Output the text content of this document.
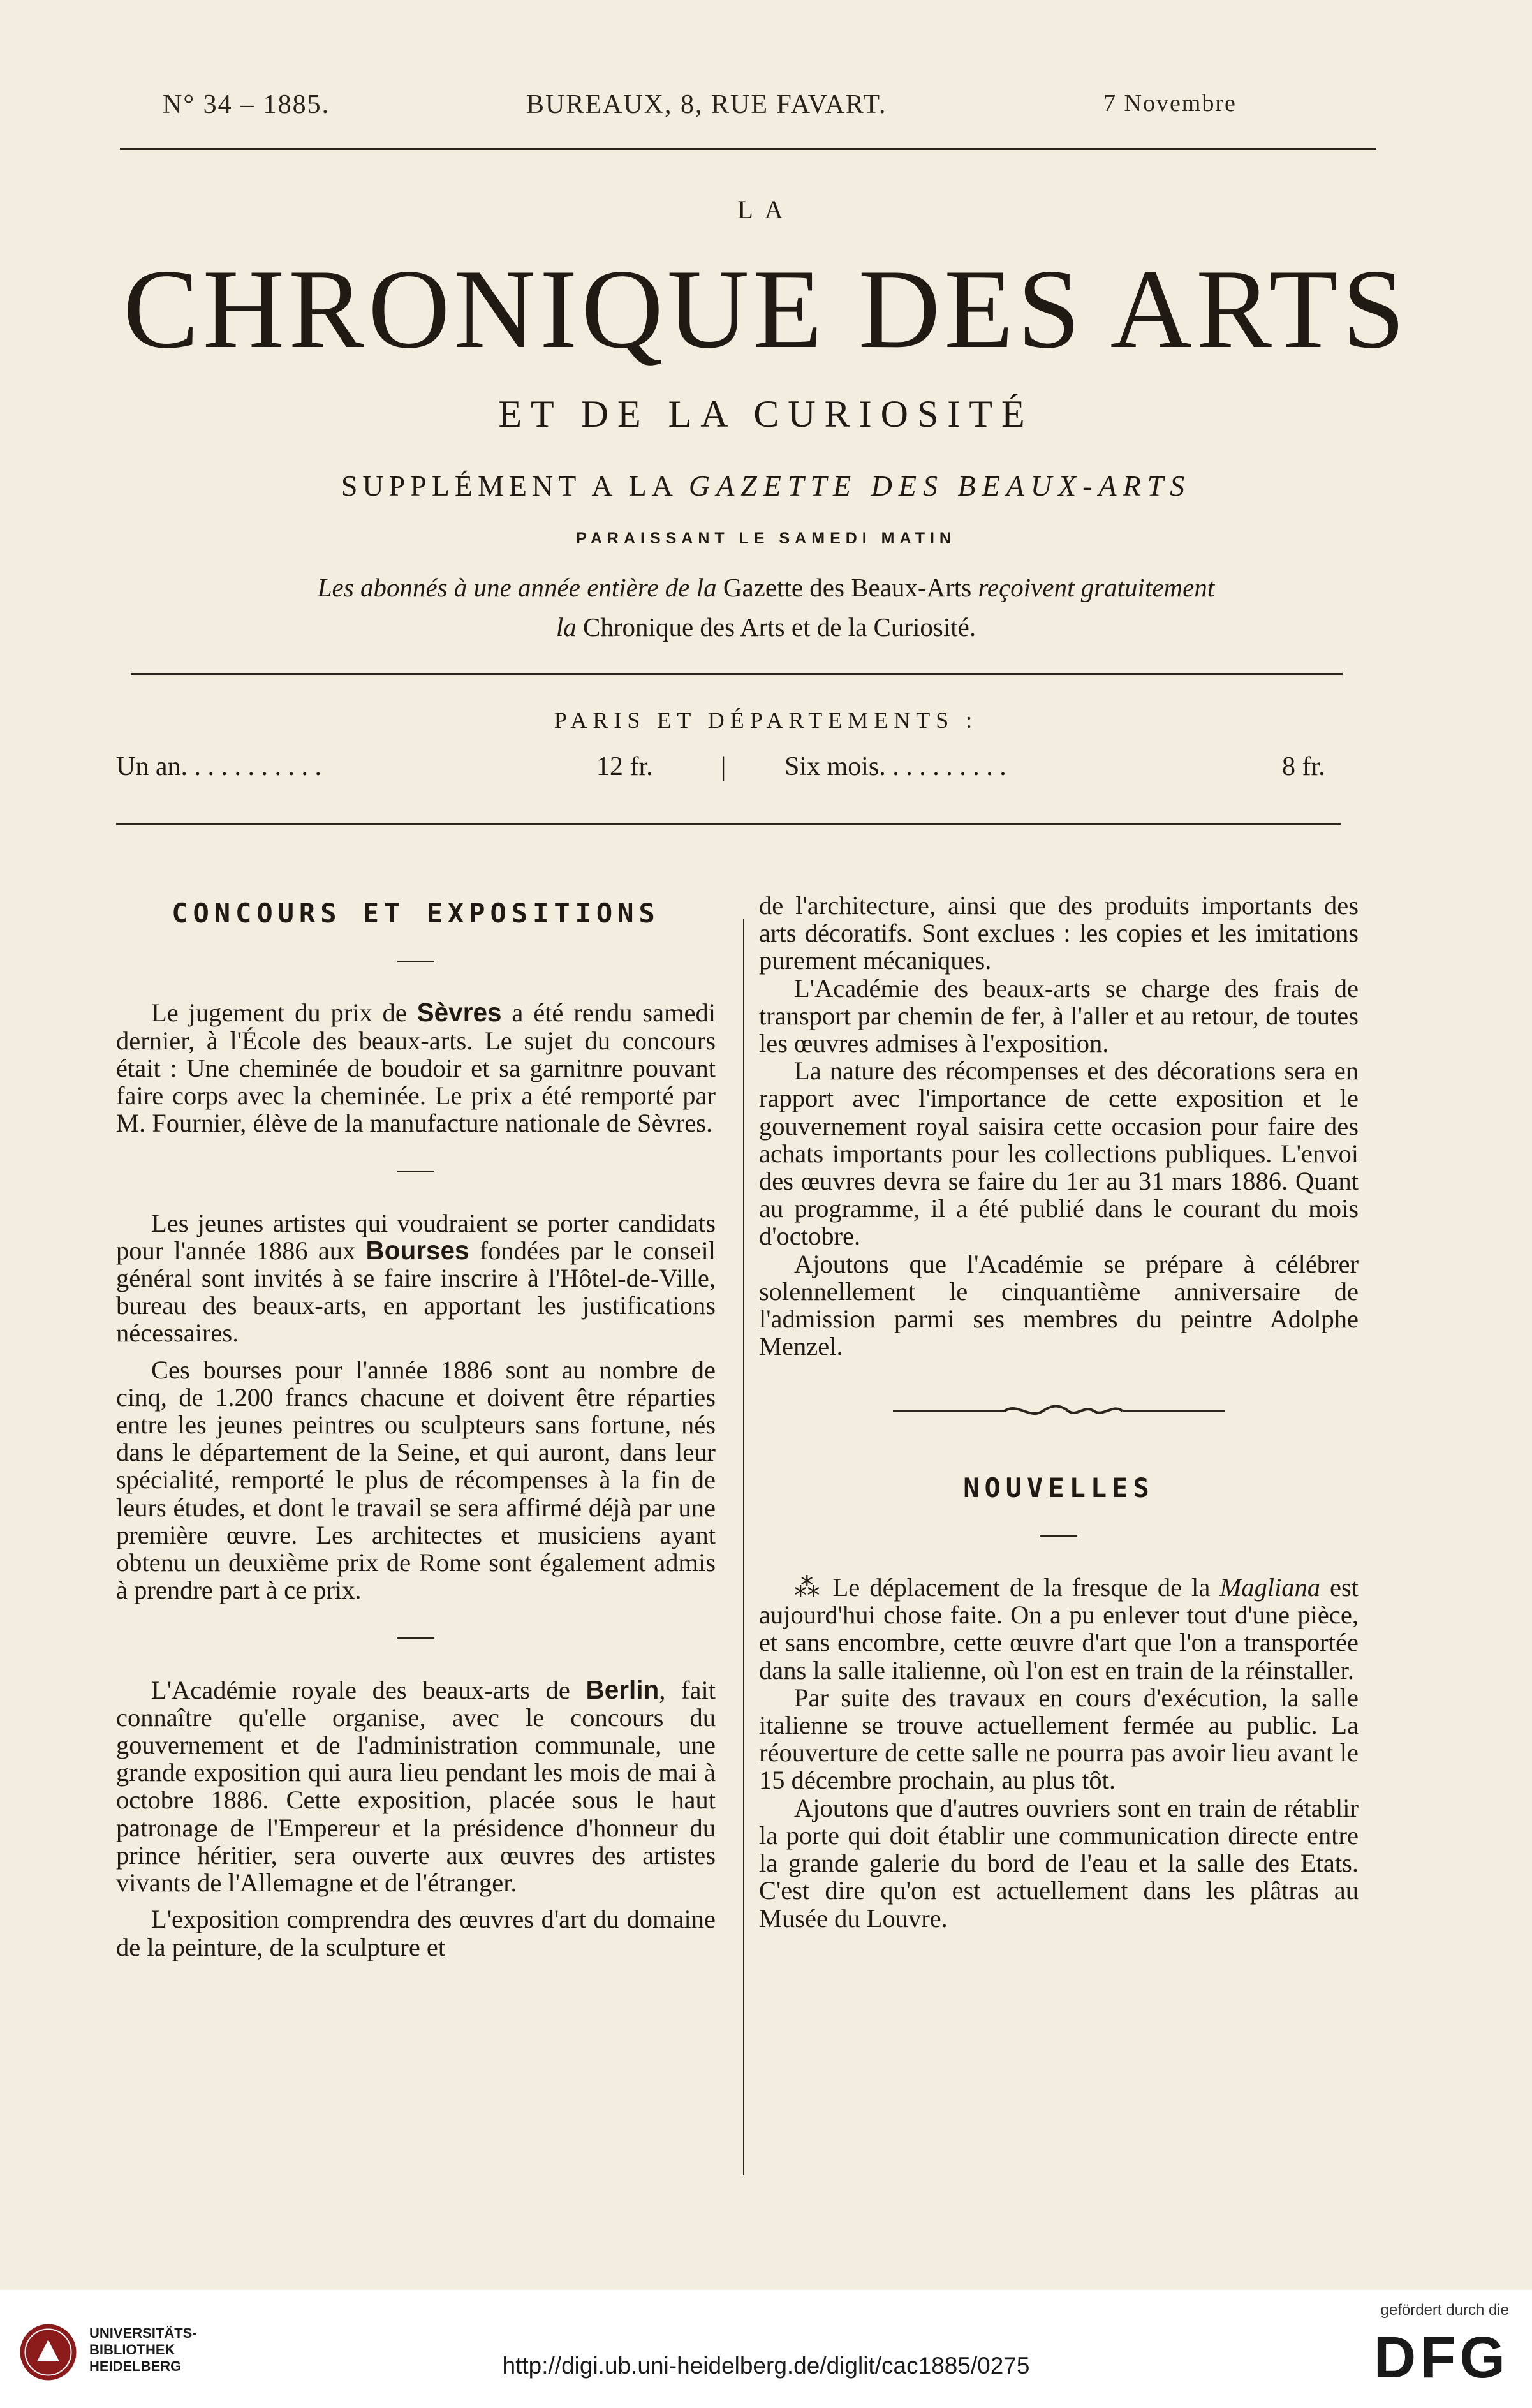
N° 34 – 1885.	BUREAUX, 8, RUE FAVART.	7 Novembre
LA
CHRONIQUE DES ARTS
ET DE LA CURIOSITÉ
SUPPLÉMENT A LA GAZETTE DES BEAUX-ARTS
PARAISSANT LE SAMEDI MATIN
Les abonnés à une année entière de la Gazette des Beaux-Arts reçoivent gratuitement
la Chronique des Arts et de la Curiosité.
PARIS ET DÉPARTEMENTS :
Un an. . . . . . . . . . .	12 fr.	| Six mois. . . . . . . . . .	8 fr.
CONCOURS ET EXPOSITIONS

Le jugement du prix de Sèvres a été rendu samedi dernier, à l'École des beaux-arts. Le sujet du concours était : Une cheminée de boudoir et sa garnitnre pouvant faire corps avec la cheminée. Le prix a été remporté par M. Fournier, élève de la manufacture nationale de Sèvres.

Les jeunes artistes qui voudraient se porter candidats pour l'année 1886 aux Bourses fondées par le conseil général sont invités à se faire inscrire à l'Hôtel-de-Ville, bureau des beaux-arts, en apportant les justifications nécessaires.

Ces bourses pour l'année 1886 sont au nombre de cinq, de 1.200 francs chacune et doivent être réparties entre les jeunes peintres ou sculpteurs sans fortune, nés dans le département de la Seine, et qui auront, dans leur spécialité, remporté le plus de récompenses à la fin de leurs études, et dont le travail se sera affirmé déjà par une première œuvre. Les architectes et musiciens ayant obtenu un deuxième prix de Rome sont également admis à prendre part à ce prix.

L'Académie royale des beaux-arts de Berlin, fait connaître qu'elle organise, avec le concours du gouvernement et de l'administration communale, une grande exposition qui aura lieu pendant les mois de mai à octobre 1886. Cette exposition, placée sous le haut patronage de l'Empereur et la présidence d'honneur du prince héritier, sera ouverte aux œuvres des artistes vivants de l'Allemagne et de l'étranger.

L'exposition comprendra des œuvres d'art du domaine de la peinture, de la sculpture et

de l'architecture, ainsi que des produits importants des arts décoratifs. Sont exclues : les copies et les imitations purement mécaniques.

L'Académie des beaux-arts se charge des frais de transport par chemin de fer, à l'aller et au retour, de toutes les œuvres admises à l'exposition.

La nature des récompenses et des décorations sera en rapport avec l'importance de cette exposition et le gouvernement royal saisira cette occasion pour faire des achats importants pour les collections publiques. L'envoi des œuvres devra se faire du 1er au 31 mars 1886. Quant au programme, il a été publié dans le courant du mois d'octobre.

Ajoutons que l'Académie se prépare à célébrer solennellement le cinquantième anniversaire de l'admission parmi ses membres du peintre Adolphe Menzel.

NOUVELLES

⁂ Le déplacement de la fresque de la Magliana est aujourd'hui chose faite. On a pu enlever tout d'une pièce, et sans encombre, cette œuvre d'art que l'on a transportée dans la salle italienne, où l'on est en train de la réinstaller.

Par suite des travaux en cours d'exécution, la salle italienne se trouve actuellement fermée au public. La réouverture de cette salle ne pourra pas avoir lieu avant le 15 décembre prochain, au plus tôt.

Ajoutons que d'autres ouvriers sont en train de rétablir la porte qui doit établir une communication directe entre la grande galerie du bord de l'eau et la salle des Etats. C'est dire qu'on est actuellement dans les plâtras au Musée du Louvre.

UNIVERSITÄTS-
BIBLIOTHEK
HEIDELBERG	http://digi.ub.uni-heidelberg.de/diglit/cac1885/0275
gefördert durch die
DFG
